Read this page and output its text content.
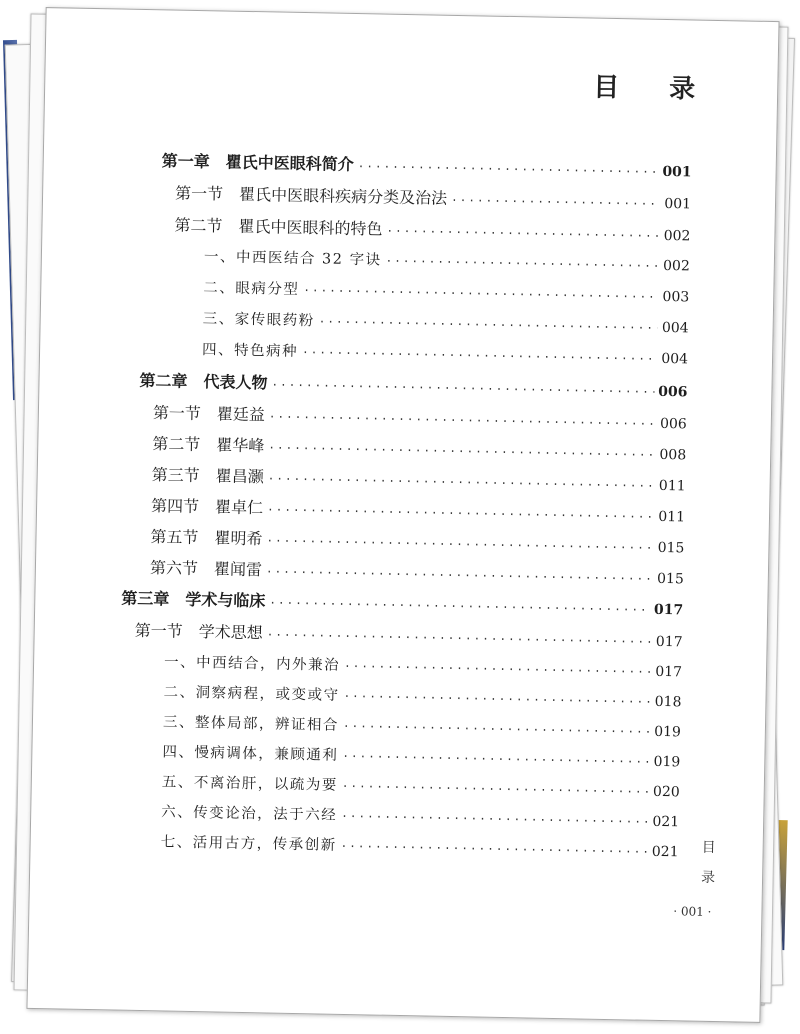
目　录
第一章　瞿氏中医眼科简介 ·····	001
第一节　瞿氏中医眼科疾病分类及治法 ·····	001
第二节　瞿氏中医眼科的特色 ·····	002
一、中西医结合 32 字诀 ·····	002
二、眼病分型 ·····	003
三、家传眼药粉 ·····	004
四、特色病种 ·····	004
第二章　代表人物 ·····	006
第一节　瞿廷益 ·····	006
第二节　瞿华峰 ·····	008
第三节　瞿昌灏 ·····	011
第四节　瞿卓仁 ·····	011
第五节　瞿明希 ·····	015
第六节　瞿闻雷 ·····	015
第三章　学术与临床 ·····	017
第一节　学术思想 ·····	017
一、中西结合，内外兼治 ·····	017
二、洞察病程，或变或守 ·····	018
三、整体局部，辨证相合 ·····	019
四、慢病调体，兼顾通利 ·····	019
五、不离治肝，以疏为要 ·····	020
六、传变论治，法于六经 ·····	021
七、活用古方，传承创新 ·····	021 目
录
· 001 ·
